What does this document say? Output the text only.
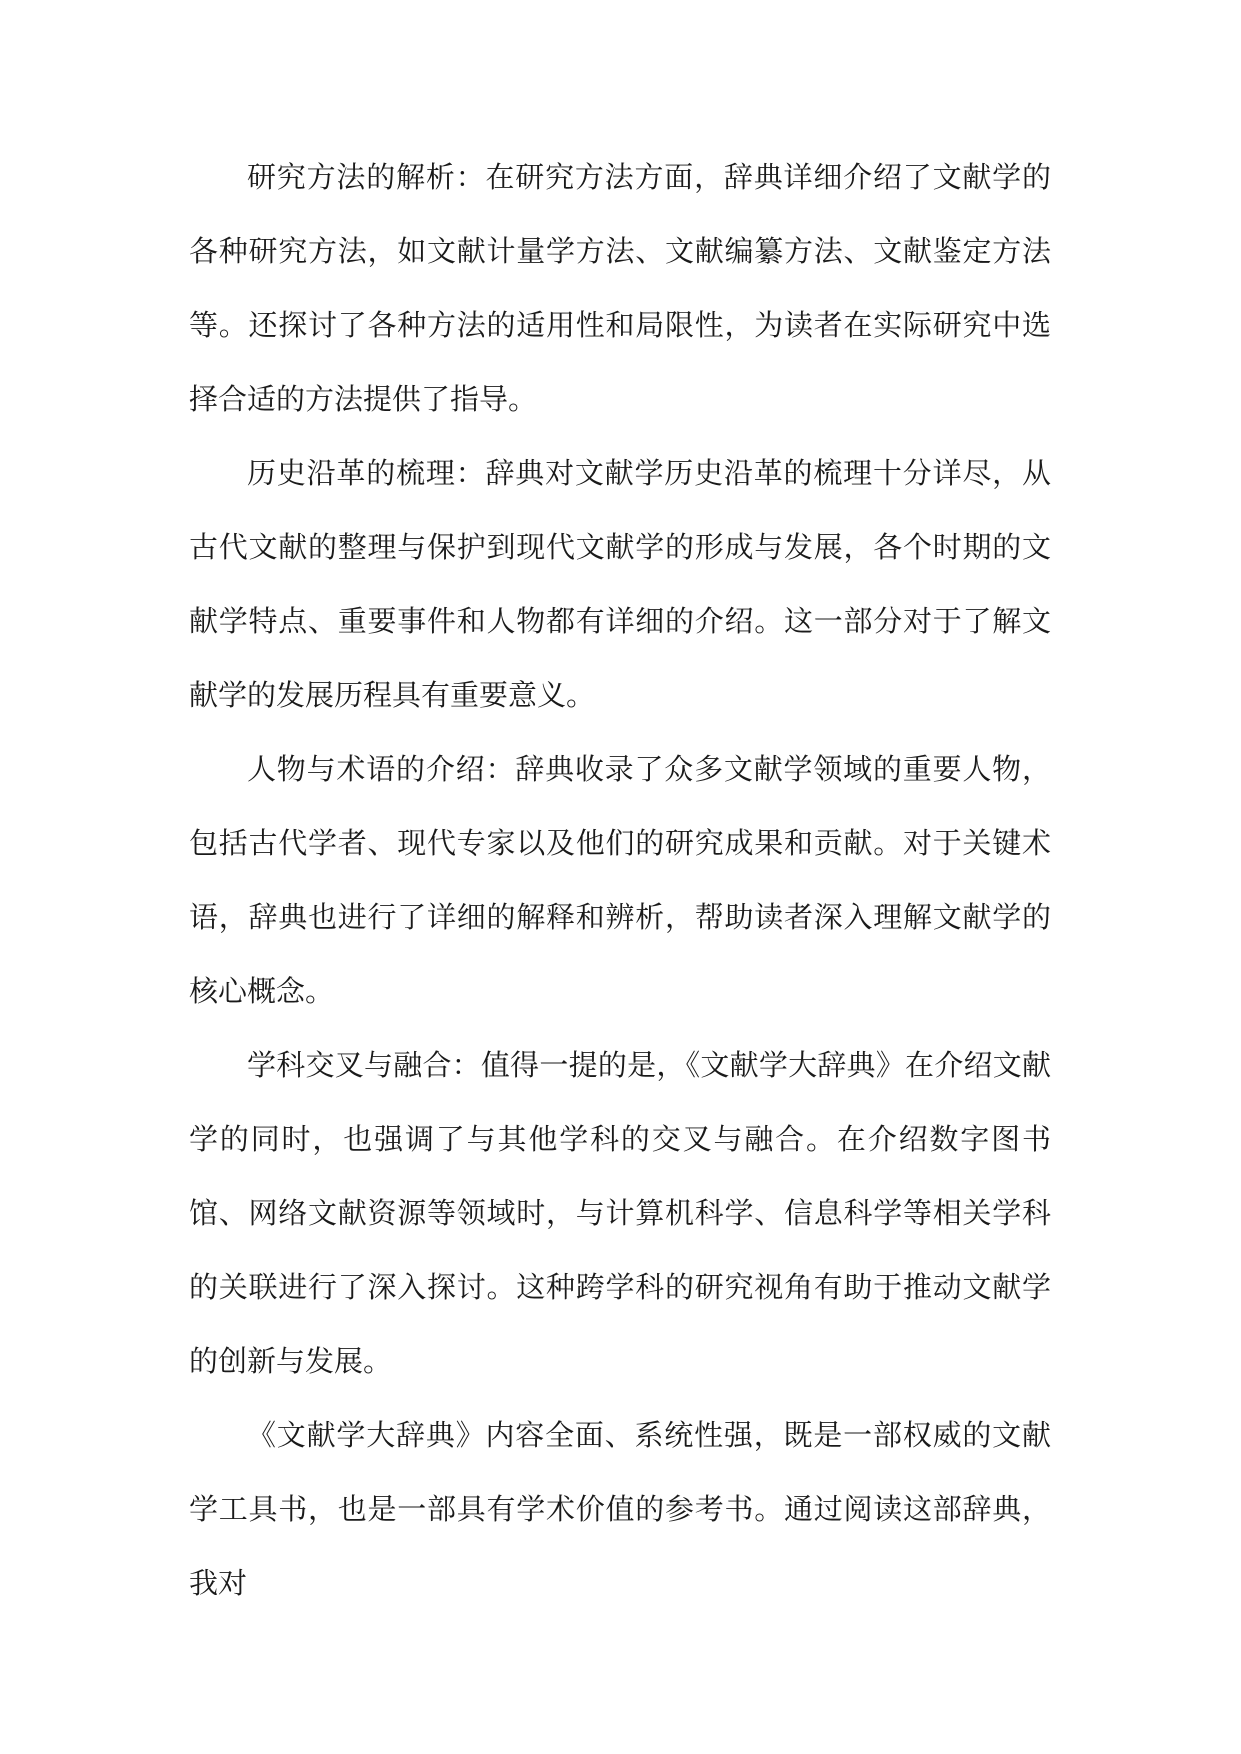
研究方法的解析：在研究方法方面，辞典详细介绍了文献学的各种研究方法，如文献计量学方法、文献编纂方法、文献鉴定方法等。还探讨了各种方法的适用性和局限性，为读者在实际研究中选择合适的方法提供了指导。

历史沿革的梳理：辞典对文献学历史沿革的梳理十分详尽，从古代文献的整理与保护到现代文献学的形成与发展，各个时期的文献学特点、重要事件和人物都有详细的介绍。这一部分对于了解文献学的发展历程具有重要意义。

人物与术语的介绍：辞典收录了众多文献学领域的重要人物，包括古代学者、现代专家以及他们的研究成果和贡献。对于关键术语，辞典也进行了详细的解释和辨析，帮助读者深入理解文献学的核心概念。

学科交叉与融合：值得一提的是，《文献学大辞典》在介绍文献学的同时，也强调了与其他学科的交叉与融合。在介绍数字图书馆、网络文献资源等领域时，与计算机科学、信息科学等相关学科的关联进行了深入探讨。这种跨学科的研究视角有助于推动文献学的创新与发展。

《文献学大辞典》内容全面、系统性强，既是一部权威的文献学工具书，也是一部具有学术价值的参考书。通过阅读这部辞典，我对
